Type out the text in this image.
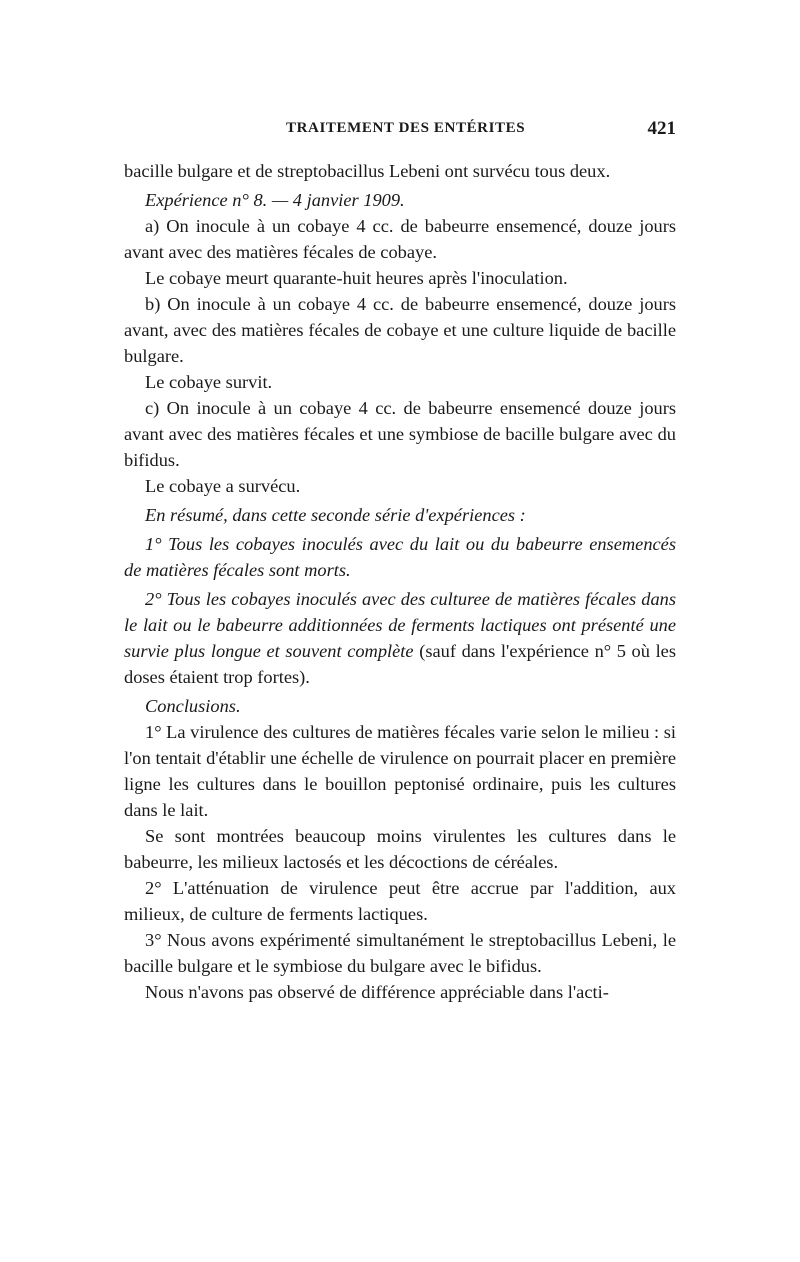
TRAITEMENT DES ENTÉRITES	421

bacille bulgare et de streptobacillus Lebeni ont survécu tous deux.

Expérience n° 8. — 4 janvier 1909.

a) On inocule à un cobaye 4 cc. de babeurre ensemencé, douze jours avant avec des matières fécales de cobaye.

Le cobaye meurt quarante-huit heures après l'inoculation.

b) On inocule à un cobaye 4 cc. de babeurre ensemencé, douze jours avant, avec des matières fécales de cobaye et une culture liquide de bacille bulgare.

Le cobaye survit.

c) On inocule à un cobaye 4 cc. de babeurre ensemencé douze jours avant avec des matières fécales et une symbiose de bacille bulgare avec du bifidus.

Le cobaye a survécu.

En résumé, dans cette seconde série d'expériences :

1° Tous les cobayes inoculés avec du lait ou du babeurre ensemencés de matières fécales sont morts.

2° Tous les cobayes inoculés avec des culturee de matières fécales dans le lait ou le babeurre additionnées de ferments lactiques ont présenté une survie plus longue et souvent complète (sauf dans l'expérience n° 5 où les doses étaient trop fortes).

Conclusions.

1° La virulence des cultures de matières fécales varie selon le milieu : si l'on tentait d'établir une échelle de virulence on pourrait placer en première ligne les cultures dans le bouillon peptonisé ordinaire, puis les cultures dans le lait.

Se sont montrées beaucoup moins virulentes les cultures dans le babeurre, les milieux lactosés et les décoctions de céréales.

2° L'atténuation de virulence peut être accrue par l'addition, aux milieux, de culture de ferments lactiques.

3° Nous avons expérimenté simultanément le streptobacillus Lebeni, le bacille bulgare et le symbiose du bulgare avec le bifidus.

Nous n'avons pas observé de différence appréciable dans l'acti-
